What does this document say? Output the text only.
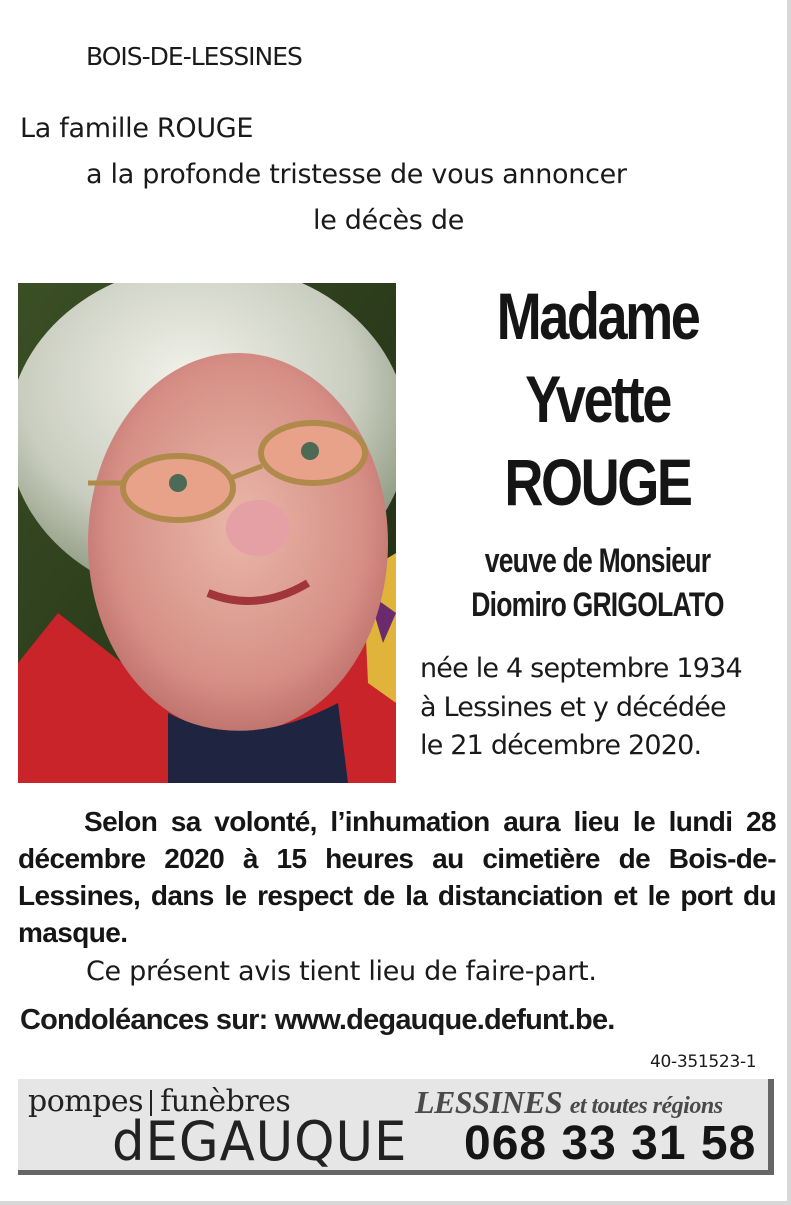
BOIS-DE-LESSINES
La famille ROUGE
a la profonde tristesse de vous annoncer
le décès de
Madame
Yvette
ROUGE
veuve de Monsieur
Diomiro GRIGOLATO
née le 4 septembre 1934
à Lessines et y décédée
le 21 décembre 2020.

Selon sa volonté, l’inhumation aura lieu le lundi 28 décembre 2020 à 15 heures au cimetière de Bois-de-Lessines, dans le respect de la distanciation et le port du masque.

Ce présent avis tient lieu de faire-part.
Condoléances sur: www.degauque.defunt.be.
40-351523-1
pompes funèbres
dEGAUQUE
LESSINES et toutes régions
068 33 31 58
